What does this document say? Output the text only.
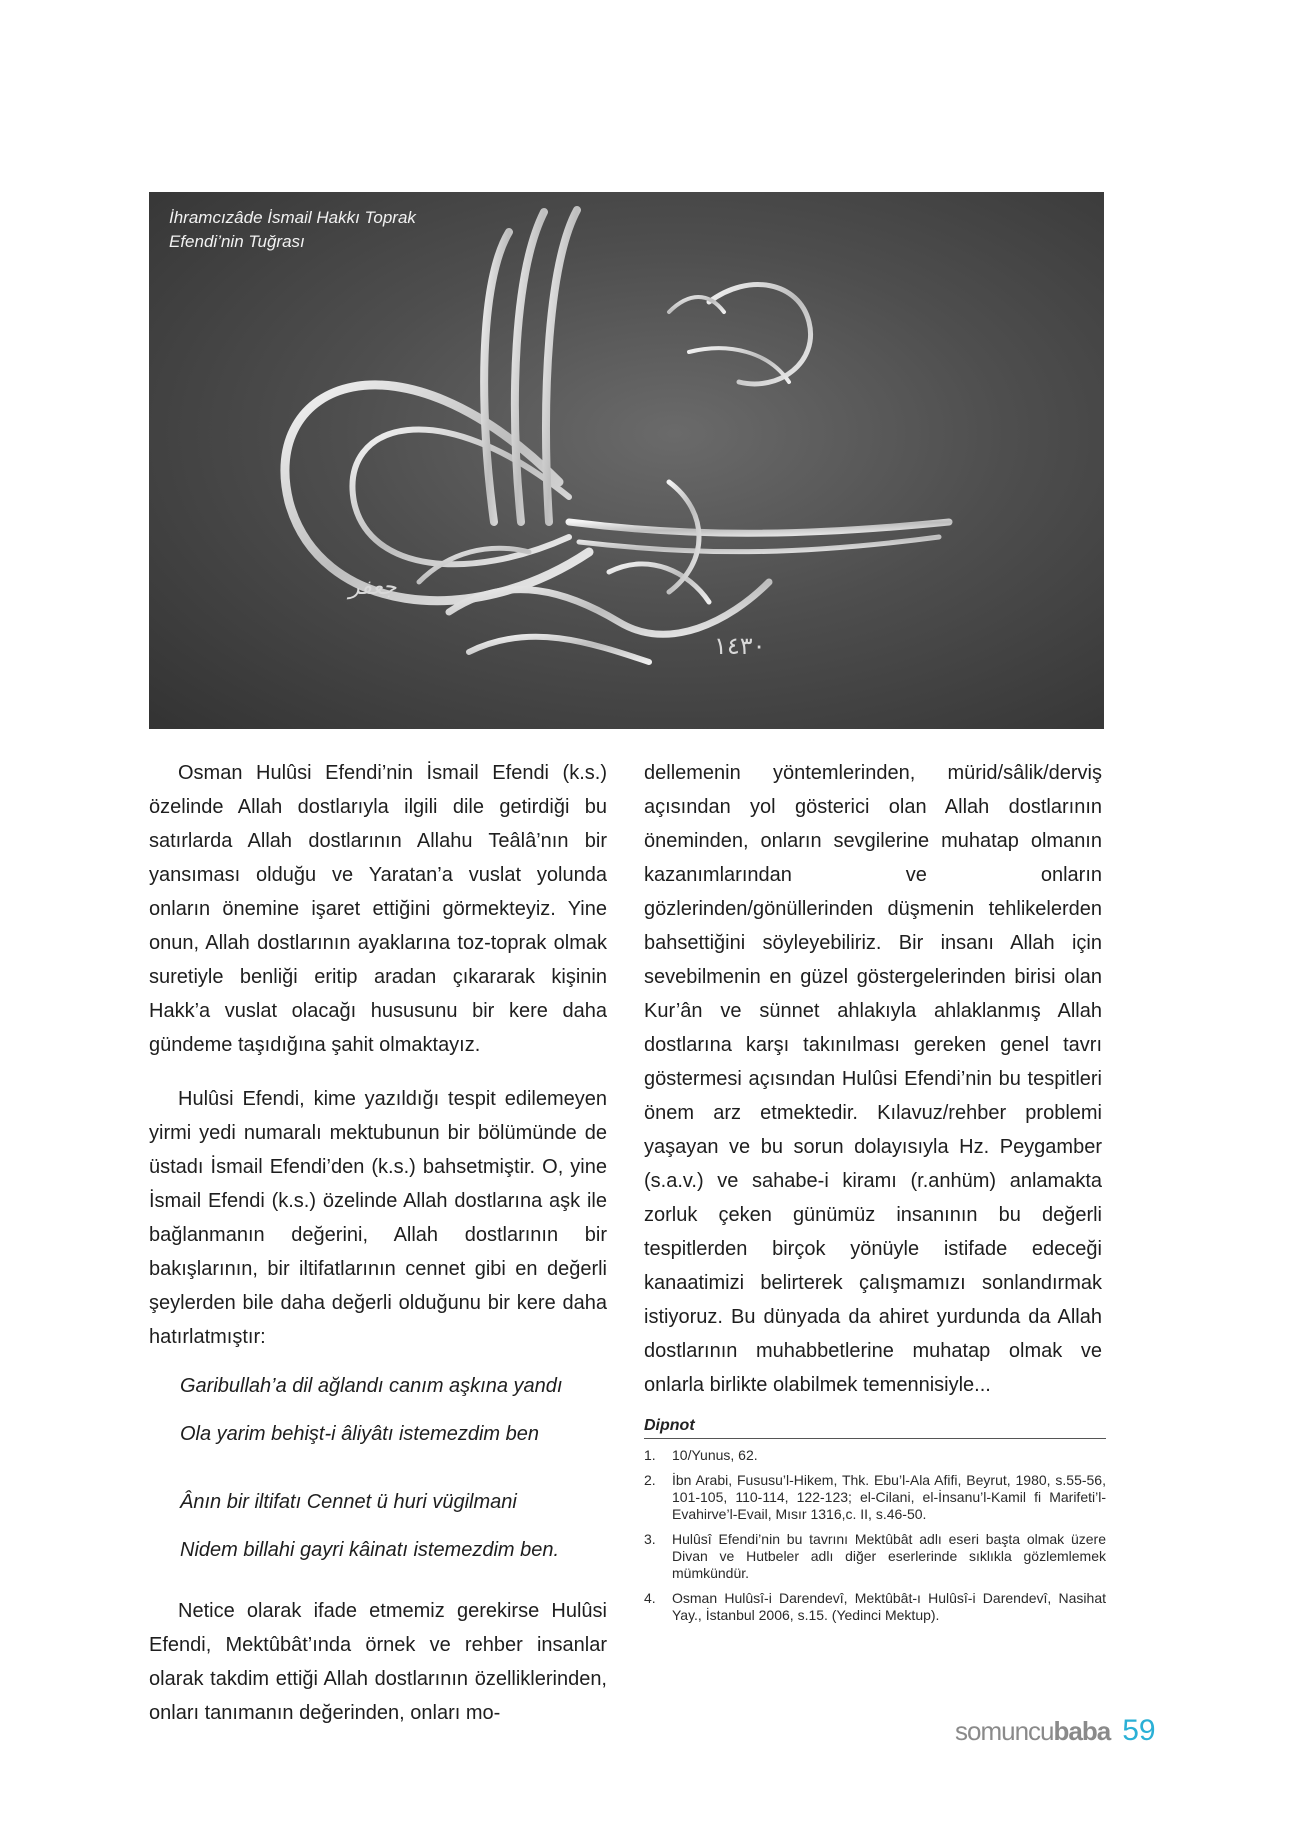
جعفر
١٤٣٠
İhramcızâde İsmail Hakkı Toprak
Efendi’nin Tuğrası

Osman Hulûsi Efendi’nin İsmail Efendi (k.s.) özelinde Allah dostlarıyla ilgili dile getirdiği bu satırlarda Allah dostlarının Allahu Teâlâ’nın bir yansıması olduğu ve Yaratan’a vuslat yolunda onların önemine işaret ettiğini görmekteyiz. Yine onun, Allah dostlarının ayaklarına toz-toprak olmak suretiyle benliği eritip aradan çıkararak kişinin Hakk’a vuslat olacağı hususunu bir kere daha gündeme taşıdığına şahit olmaktayız.

Hulûsi Efendi, kime yazıldığı tespit edilemeyen yirmi yedi numaralı mektubunun bir bölümünde de üstadı İsmail Efendi’den (k.s.) bahsetmiştir. O, yine İsmail Efendi (k.s.) özelinde Allah dostlarına aşk ile bağlanmanın değerini, Allah dostlarının bir bakışlarının, bir iltifatlarının cennet gibi en değerli şeylerden bile daha değerli olduğunu bir kere daha hatırlatmıştır:

Garibullah’a dil ağlandı canım aşkına yandı

Ola yarim behişt-i âliyâtı istemezdim ben

Ânın bir iltifatı Cennet ü huri vügilmani

Nidem billahi gayri kâinatı istemezdim ben.

Netice olarak ifade etmemiz gerekirse Hulûsi Efendi, Mektûbât’ında örnek ve rehber insanlar olarak takdim ettiği Allah dostlarının özelliklerinden, onları tanımanın değerinden, onları mo-

dellemenin yöntemlerinden, mürid/sâlik/derviş açısından yol gösterici olan Allah dostlarının öneminden, onların sevgilerine muhatap olmanın kazanımlarından ve onların gözlerinden/gönüllerinden düşmenin tehlikelerden bahsettiğini söyleyebiliriz. Bir insanı Allah için sevebilmenin en güzel göstergelerinden birisi olan Kur’ân ve sünnet ahlakıyla ahlaklanmış Allah dostlarına karşı takınılması gereken genel tavrı göstermesi açısından Hulûsi Efendi’nin bu tespitleri önem arz etmektedir. Kılavuz/rehber problemi yaşayan ve bu sorun dolayısıyla Hz. Peygamber (s.a.v.) ve sahabe-i kiramı (r.anhüm) anlamakta zorluk çeken günümüz insanının bu değerli tespitlerden birçok yönüyle istifade edeceği kanaatimizi belirterek çalışmamızı sonlandırmak istiyoruz. Bu dünyada da ahiret yurdunda da Allah dostlarının muhabbetlerine muhatap olmak ve onlarla birlikte olabilmek temennisiyle...

Dipnot
1.	10/Yunus, 62.
2.	İbn Arabi, Fususu’l-Hikem, Thk. Ebu’l-Ala Afifi, Beyrut, 1980, s.55-56, 101-105, 110-114, 122-123; el-Cilani, el-İnsanu’l-Kamil fi Marifeti’l-Evahirve’l-Evail, Mısır 1316,c. II, s.46-50.
3.	Hulûsî Efendi’nin bu tavrını Mektûbât adlı eseri başta olmak üzere Divan ve Hutbeler adlı diğer eserlerinde sıklıkla gözlemlemek mümkündür.
4.	Osman Hulûsî-i Darendevî, Mektûbât-ı Hulûsî-i Darendevî, Nasihat Yay., İstanbul 2006, s.15. (Yedinci Mektup).
somuncubaba 59
